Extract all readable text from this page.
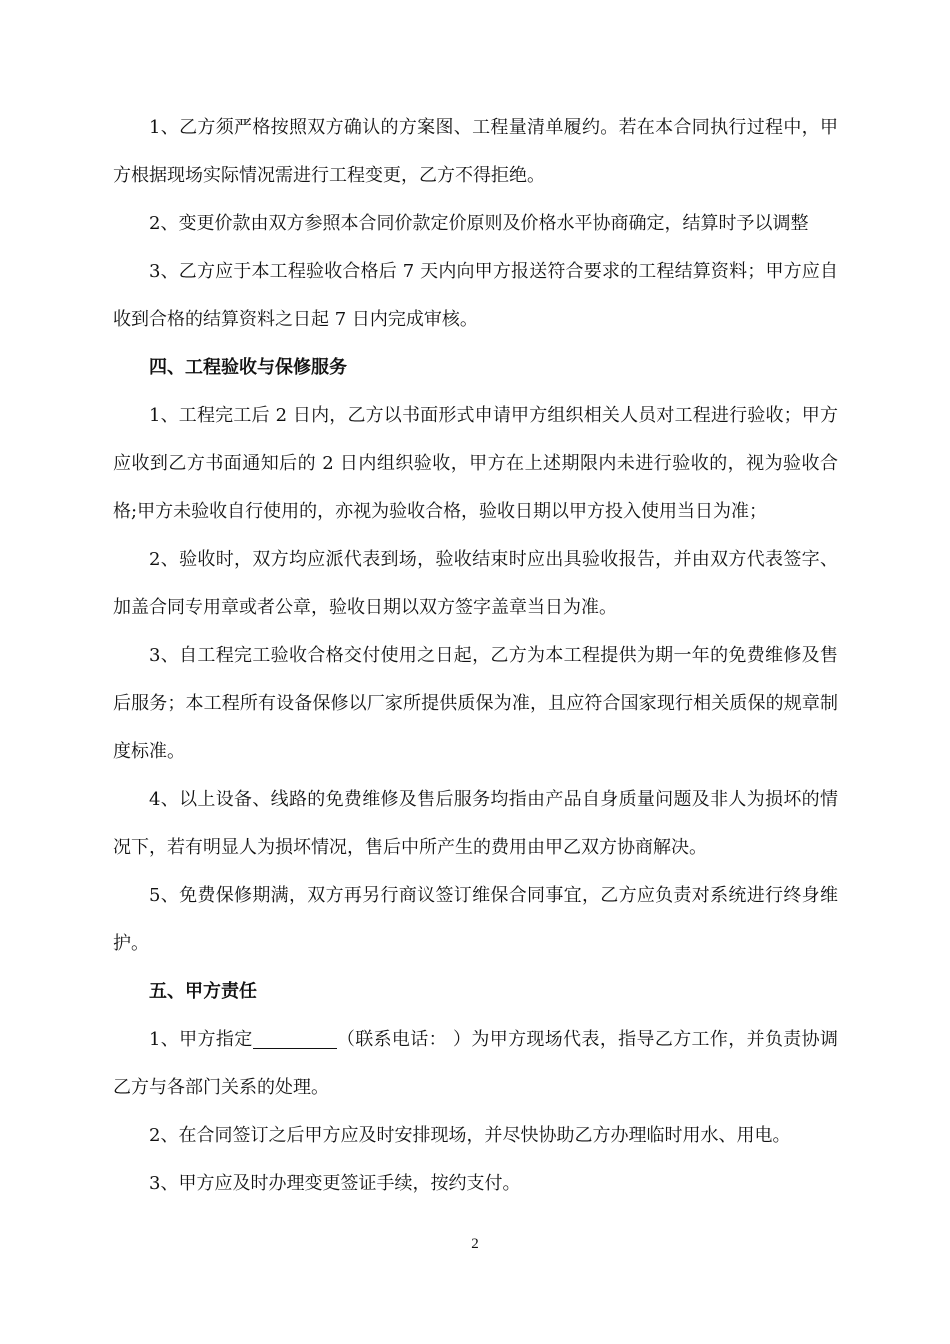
1、乙方须严格按照双方确认的方案图、工程量清单履约。若在本合同执行过程中，甲方根据现场实际情况需进行工程变更，乙方不得拒绝。

2、变更价款由双方参照本合同价款定价原则及价格水平协商确定，结算时予以调整

3、乙方应于本工程验收合格后 7 天内向甲方报送符合要求的工程结算资料；甲方应自收到合格的结算资料之日起 7 日内完成审核。

四、工程验收与保修服务

1、工程完工后 2 日内，乙方以书面形式申请甲方组织相关人员对工程进行验收；甲方应收到乙方书面通知后的 2 日内组织验收，甲方在上述期限内未进行验收的，视为验收合格;甲方未验收自行使用的，亦视为验收合格，验收日期以甲方投入使用当日为准；

2、验收时，双方均应派代表到场，验收结束时应出具验收报告，并由双方代表签字、加盖合同专用章或者公章，验收日期以双方签字盖章当日为准。

3、自工程完工验收合格交付使用之日起，乙方为本工程提供为期一年的免费维修及售后服务；本工程所有设备保修以厂家所提供质保为准，且应符合国家现行相关质保的规章制度标准。

4、以上设备、线路的免费维修及售后服务均指由产品自身质量问题及非人为损坏的情况下，若有明显人为损坏情况，售后中所产生的费用由甲乙双方协商解决。

5、免费保修期满，双方再另行商议签订维保合同事宜，乙方应负责对系统进行终身维护。

五、甲方责任

1、甲方指定	（联系电话： ）为甲方现场代表，指导乙方工作，并负责协调乙方与各部门关系的处理。

2、在合同签订之后甲方应及时安排现场，并尽快协助乙方办理临时用水、用电。

3、甲方应及时办理变更签证手续，按约支付。

2
